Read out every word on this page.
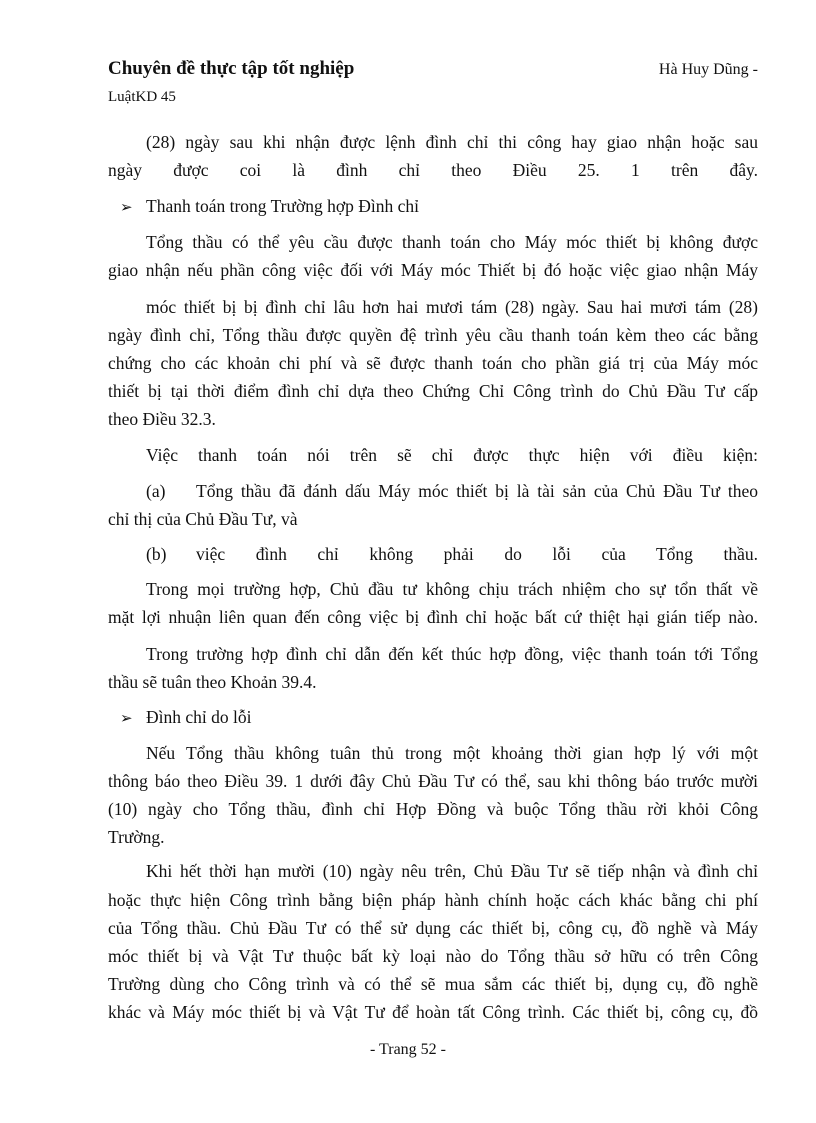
Chuyên đề thực tập tốt nghiệp	Hà Huy Dũng -
LuậtKD 45
(28) ngày sau khi nhận được lệnh đình chỉ thi công hay giao nhận hoặc sau
ngày được coi là đình chỉ theo Điều 25. 1 trên đây.
➢ Thanh toán trong Trường hợp Đình chỉ
Tổng thầu có thể yêu cầu được thanh toán cho Máy móc thiết bị không được
giao nhận nếu phần công việc đối với Máy móc Thiết bị đó hoặc việc giao nhận Máy
móc thiết bị bị đình chỉ lâu hơn hai mươi tám (28) ngày. Sau hai mươi tám (28)
ngày đình chỉ, Tổng thầu được quyền đệ trình yêu cầu thanh toán kèm theo các bằng
chứng cho các khoản chi phí và sẽ được thanh toán cho phần giá trị của Máy móc
thiết bị tại thời điểm đình chỉ dựa theo Chứng Chỉ Công trình do Chủ Đầu Tư cấp
theo Điều 32.3.
Việc thanh toán nói trên sẽ chỉ được thực hiện với điều kiện:
(a) Tổng thầu đã đánh dấu Máy móc thiết bị là tài sản của Chủ Đầu Tư theo
chỉ thị của Chủ Đầu Tư, và
(b) việc đình chỉ không phải do lỗi của Tổng thầu.
Trong mọi trường hợp, Chủ đầu tư không chịu trách nhiệm cho sự tổn thất về
mặt lợi nhuận liên quan đến công việc bị đình chỉ hoặc bất cứ thiệt hại gián tiếp nào.
Trong trường hợp đình chỉ dẫn đến kết thúc hợp đồng, việc thanh toán tới Tổng
thầu sẽ tuân theo Khoản 39.4.
➢ Đình chỉ do lỗi
Nếu Tổng thầu không tuân thủ trong một khoảng thời gian hợp lý với một
thông báo theo Điều 39. 1 dưới đây Chủ Đầu Tư có thể, sau khi thông báo trước mười
(10) ngày cho Tổng thầu, đình chỉ Hợp Đồng và buộc Tổng thầu rời khỏi Công
Trường.
Khi hết thời hạn mười (10) ngày nêu trên, Chủ Đầu Tư sẽ tiếp nhận và đình chỉ
hoặc thực hiện Công trình bằng biện pháp hành chính hoặc cách khác bằng chi phí
của Tổng thầu. Chủ Đầu Tư có thể sử dụng các thiết bị, công cụ, đồ nghề và Máy
móc thiết bị và Vật Tư thuộc bất kỳ loại nào do Tổng thầu sở hữu có trên Công
Trường dùng cho Công trình và có thể sẽ mua sắm các thiết bị, dụng cụ, đồ nghề
khác và Máy móc thiết bị và Vật Tư để hoàn tất Công trình. Các thiết bị, công cụ, đồ
- Trang 52 -
